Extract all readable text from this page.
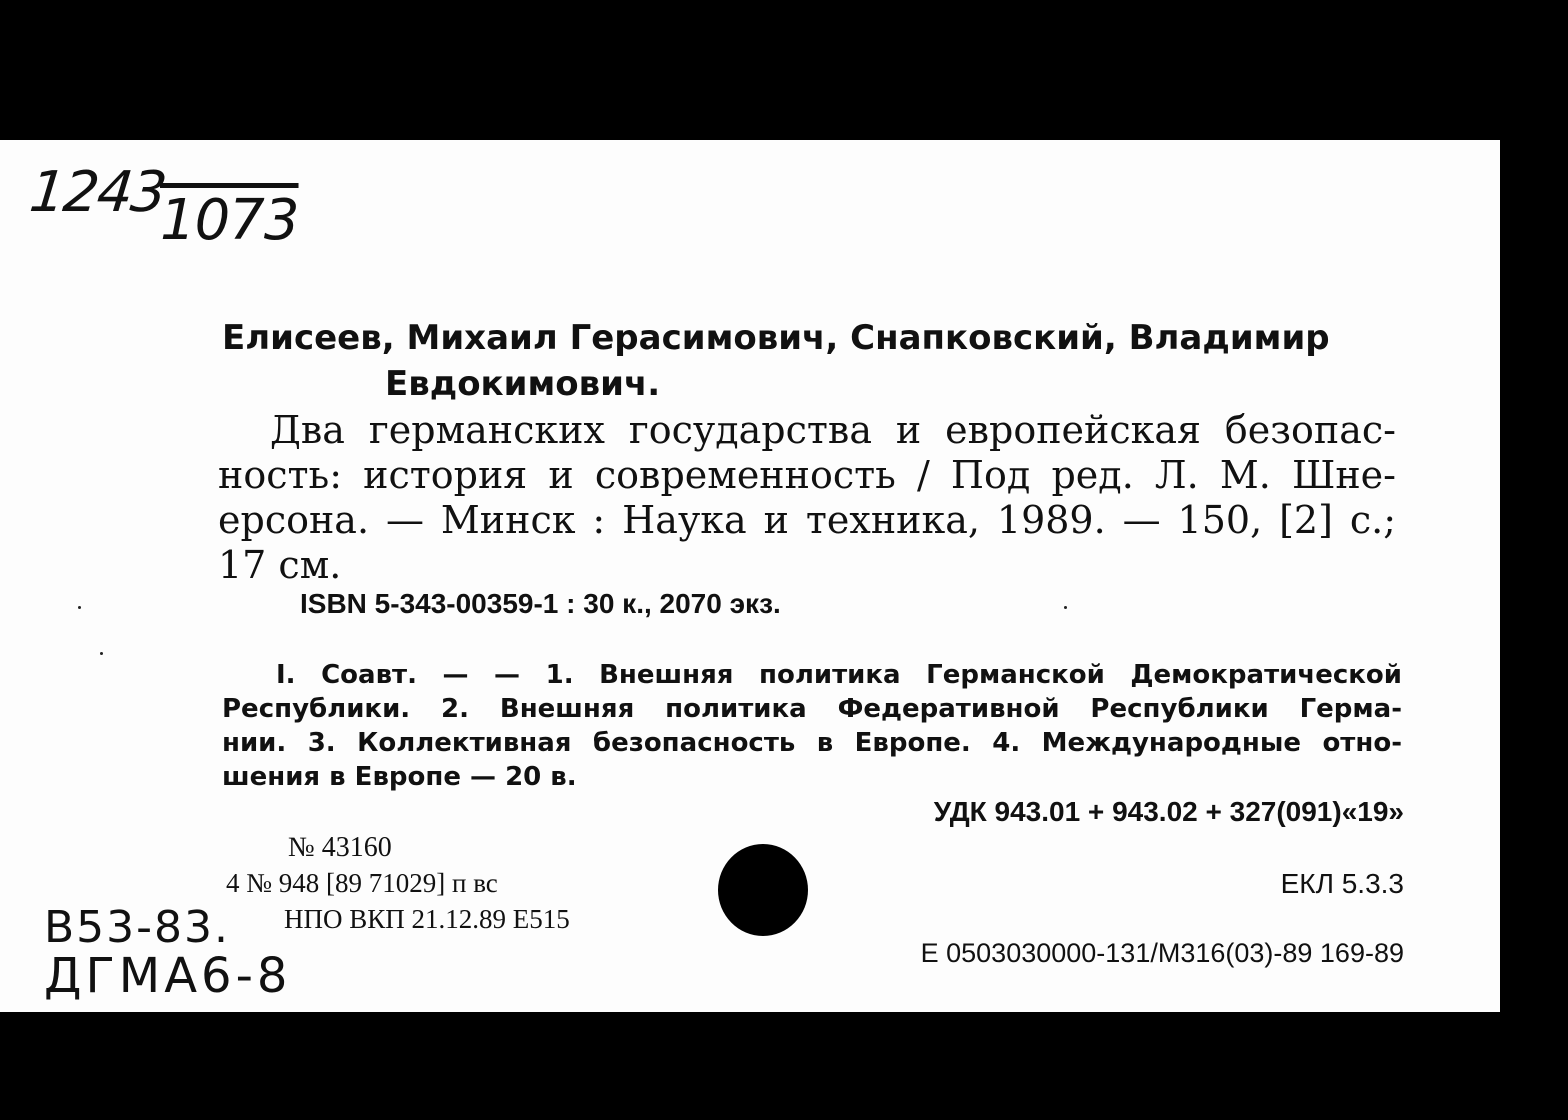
1243
1073
Елисеев, Михаил Герасимович, Снапковский, Владимир
Евдокимович.
Два германских государства и европейская безопас-
ность: история и современность / Под ред. Л. М. Шне-
ерсона. — Минск : Наука и техника, 1989. — 150, [2] с.;
17 см.
ISBN 5-343-00359-1 : 30 к., 2070 экз.
I. Соавт. — — 1. Внешняя политика Германской Демократической
Республики. 2. Внешняя политика Федеративной Республики Герма-
нии. 3. Коллективная безопасность в Европе. 4. Международные отно-
шения в Европе — 20 в.
УДК 943.01 + 943.02 + 327(091)«19»
№ 43160
4 № 948 [89 71029] п вс
НПО ВКП 21.12.89 Е515
ЕКЛ 5.3.3
Е 0503030000-131/М316(03)-89 169-89
B53-83.
ДГМА6-8
